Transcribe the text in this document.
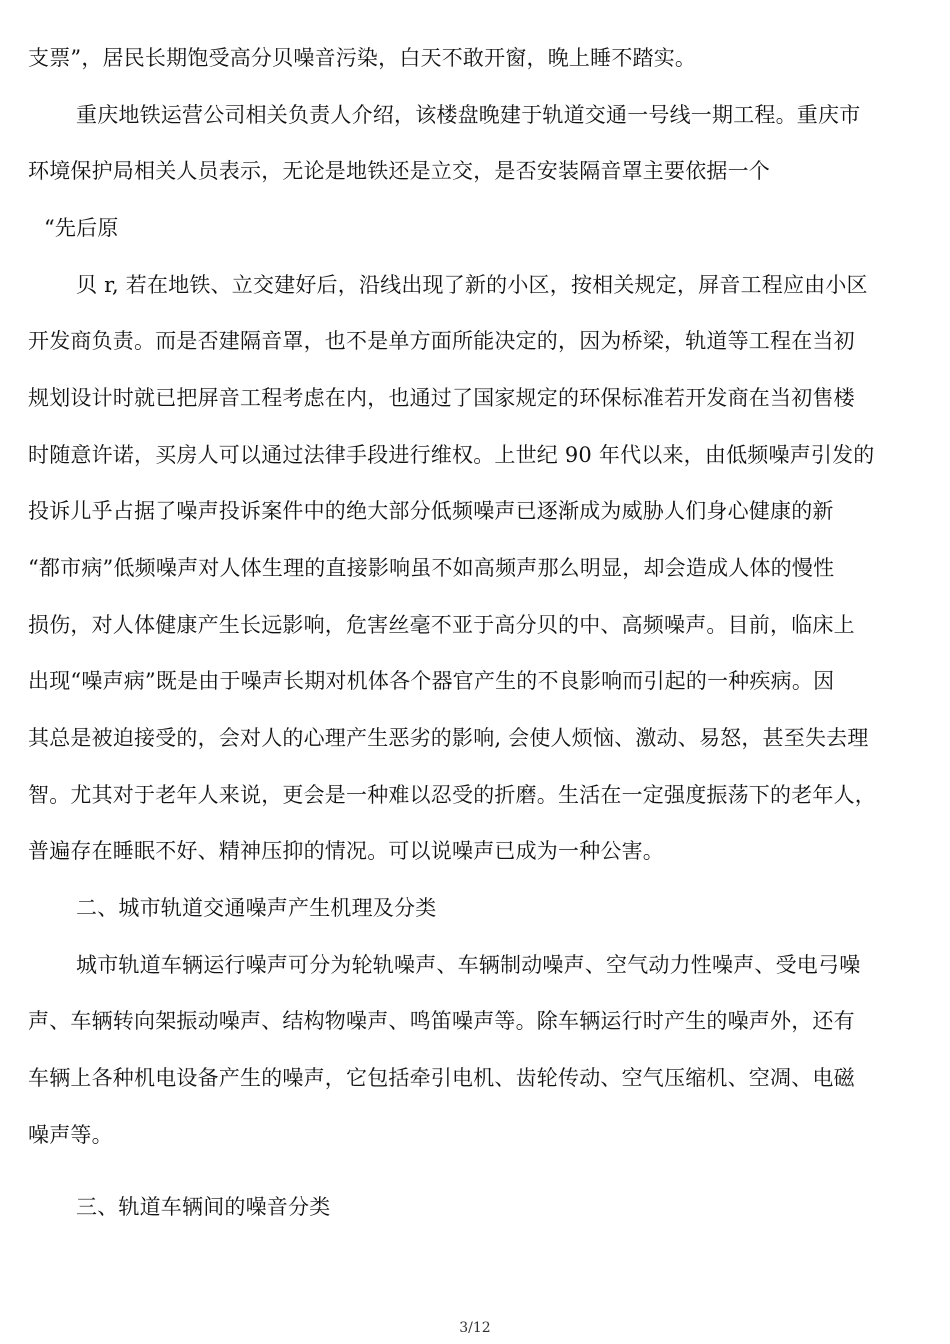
支票”，居民长期饱受高分贝噪音污染，白天不敢开窗，晚上睡不踏实。

重庆地铁运营公司相关负责人介绍，该楼盘晚建于轨道交通一号线一期工程。重庆市

环境保护局相关人员表示，无论是地铁还是立交，是否安装隔音罩主要依据一个

“先后原

贝 r, 若在地铁、立交建好后，沿线出现了新的小区，按相关规定，屏音工程应由小区

开发商负责。而是否建隔音罩，也不是单方面所能决定的，因为桥梁，轨道等工程在当初

规划设计时就已把屏音工程考虑在内，也通过了国家规定的环保标准若开发商在当初售楼

时随意许诺，买房人可以通过法律手段进行维权。上世纪 90 年代以来，由低频噪声引发的

投诉儿乎占据了噪声投诉案件中的绝大部分低频噪声已逐渐成为威胁人们身心健康的新

“都市病”低频噪声对人体生理的直接影响虽不如高频声那么明显，却会造成人体的慢性

损伤，对人体健康产生长远影响，危害丝毫不亚于高分贝的中、高频噪声。目前，临床上

出现“噪声病”既是由于噪声长期对机体各个器官产生的不良影响而引起的一种疾病。因

其总是被迫接受的，会对人的心理产生恶劣的影响, 会使人烦恼、激动、易怒，甚至失去理

智。尤其对于老年人来说，更会是一种难以忍受的折磨。生活在一定强度振荡下的老年人，

普遍存在睡眠不好、精神压抑的情况。可以说噪声已成为一种公害。

二、城市轨道交通噪声产生机理及分类

城市轨道车辆运行噪声可分为轮轨噪声、车辆制动噪声、空气动力性噪声、受电弓噪

声、车辆转向架振动噪声、结构物噪声、鸣笛噪声等。除车辆运行时产生的噪声外，还有

车辆上各种机电设备产生的噪声，它包括牵引电机、齿轮传动、空气压缩机、空凋、电磁

噪声等。

三、轨道车辆间的噪音分类

3/12
